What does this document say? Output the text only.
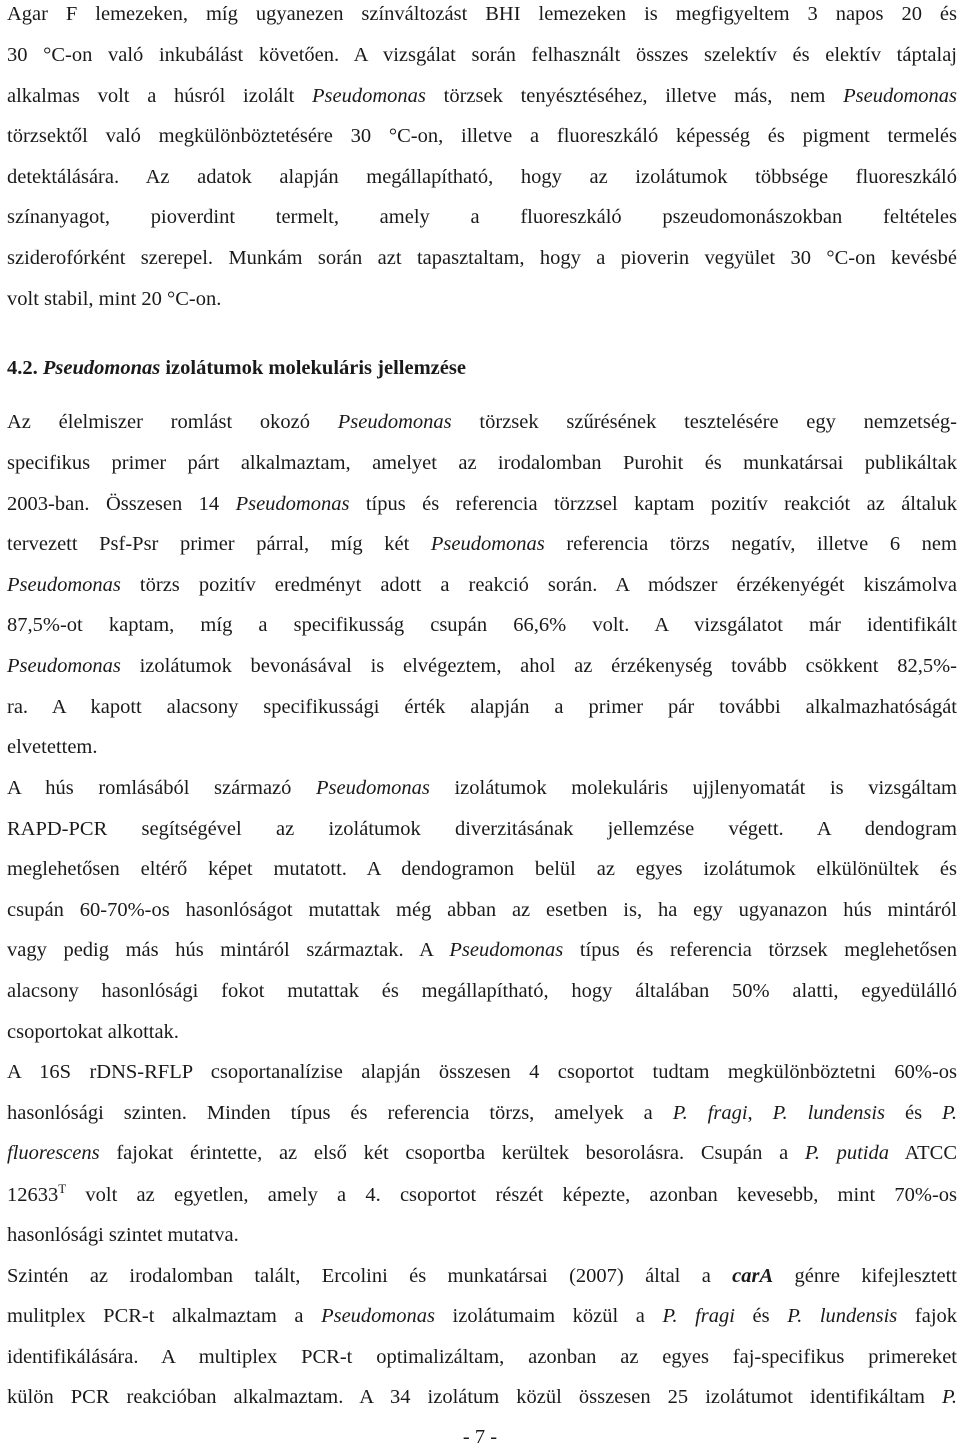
Agar F lemezeken, míg ugyanezen színváltozást BHI lemezeken is megfigyeltem 3 napos 20 és
30 °C-on való inkubálást követően. A vizsgálat során felhasznált összes szelektív és elektív táptalaj
alkalmas volt a húsról izolált Pseudomonas törzsek tenyésztéséhez, illetve más, nem Pseudomonas
törzsektől való megkülönböztetésére 30 °C-on, illetve a fluoreszkáló képesség és pigment termelés
detektálására. Az adatok alapján megállapítható, hogy az izolátumok többsége fluoreszkáló
színanyagot, pioverdint termelt, amely a fluoreszkáló pszeudomonászokban feltételes
sziderofórként szerepel. Munkám során azt tapasztaltam, hogy a pioverin vegyület 30 °C-on kevésbé
volt stabil, mint 20 °C-on.
4.2. Pseudomonas izolátumok molekuláris jellemzése
Az élelmiszer romlást okozó Pseudomonas törzsek szűrésének tesztelésére egy nemzetség-
specifikus primer párt alkalmaztam, amelyet az irodalomban Purohit és munkatársai publikáltak
2003-ban. Összesen 14 Pseudomonas típus és referencia törzzsel kaptam pozitív reakciót az általuk
tervezett Psf-Psr primer párral, míg két Pseudomonas referencia törzs negatív, illetve 6 nem
Pseudomonas törzs pozitív eredményt adott a reakció során. A módszer érzékenyégét kiszámolva
87,5%-ot kaptam, míg a specifikusság csupán 66,6% volt. A vizsgálatot már identifikált
Pseudomonas izolátumok bevonásával is elvégeztem, ahol az érzékenység tovább csökkent 82,5%-
ra. A kapott alacsony specifikussági érték alapján a primer pár további alkalmazhatóságát
elvetettem.
A hús romlásából származó Pseudomonas izolátumok molekuláris ujjlenyomatát is vizsgáltam
RAPD-PCR segítségével az izolátumok diverzitásának jellemzése végett. A dendogram
meglehetősen eltérő képet mutatott. A dendogramon belül az egyes izolátumok elkülönültek és
csupán 60-70%-os hasonlóságot mutattak még abban az esetben is, ha egy ugyanazon hús mintáról
vagy pedig más hús mintáról származtak. A Pseudomonas típus és referencia törzsek meglehetősen
alacsony hasonlósági fokot mutattak és megállapítható, hogy általában 50% alatti, egyedülálló
csoportokat alkottak.
A 16S rDNS-RFLP csoportanalízise alapján összesen 4 csoportot tudtam megkülönböztetni 60%-os
hasonlósági szinten. Minden típus és referencia törzs, amelyek a P. fragi, P. lundensis és P.
fluorescens fajokat érintette, az első két csoportba kerültek besorolásra. Csupán a P. putida ATCC
$12633^T$ volt az egyetlen, amely a 4. csoportot részét képezte, azonban kevesebb, mint 70%-os
hasonlósági szintet mutatva.
Szintén az irodalomban talált, Ercolini és munkatársai (2007) által a carA génre kifejlesztett
mulitplex PCR-t alkalmaztam a Pseudomonas izolátumaim közül a P. fragi és P. lundensis fajok
identifikálására. A multiplex PCR-t optimalizáltam, azonban az egyes faj-specifikus primereket
külön PCR reakcióban alkalmaztam. A 34 izolátum közül összesen 25 izolátumot identifikáltam P.
- 7 -
